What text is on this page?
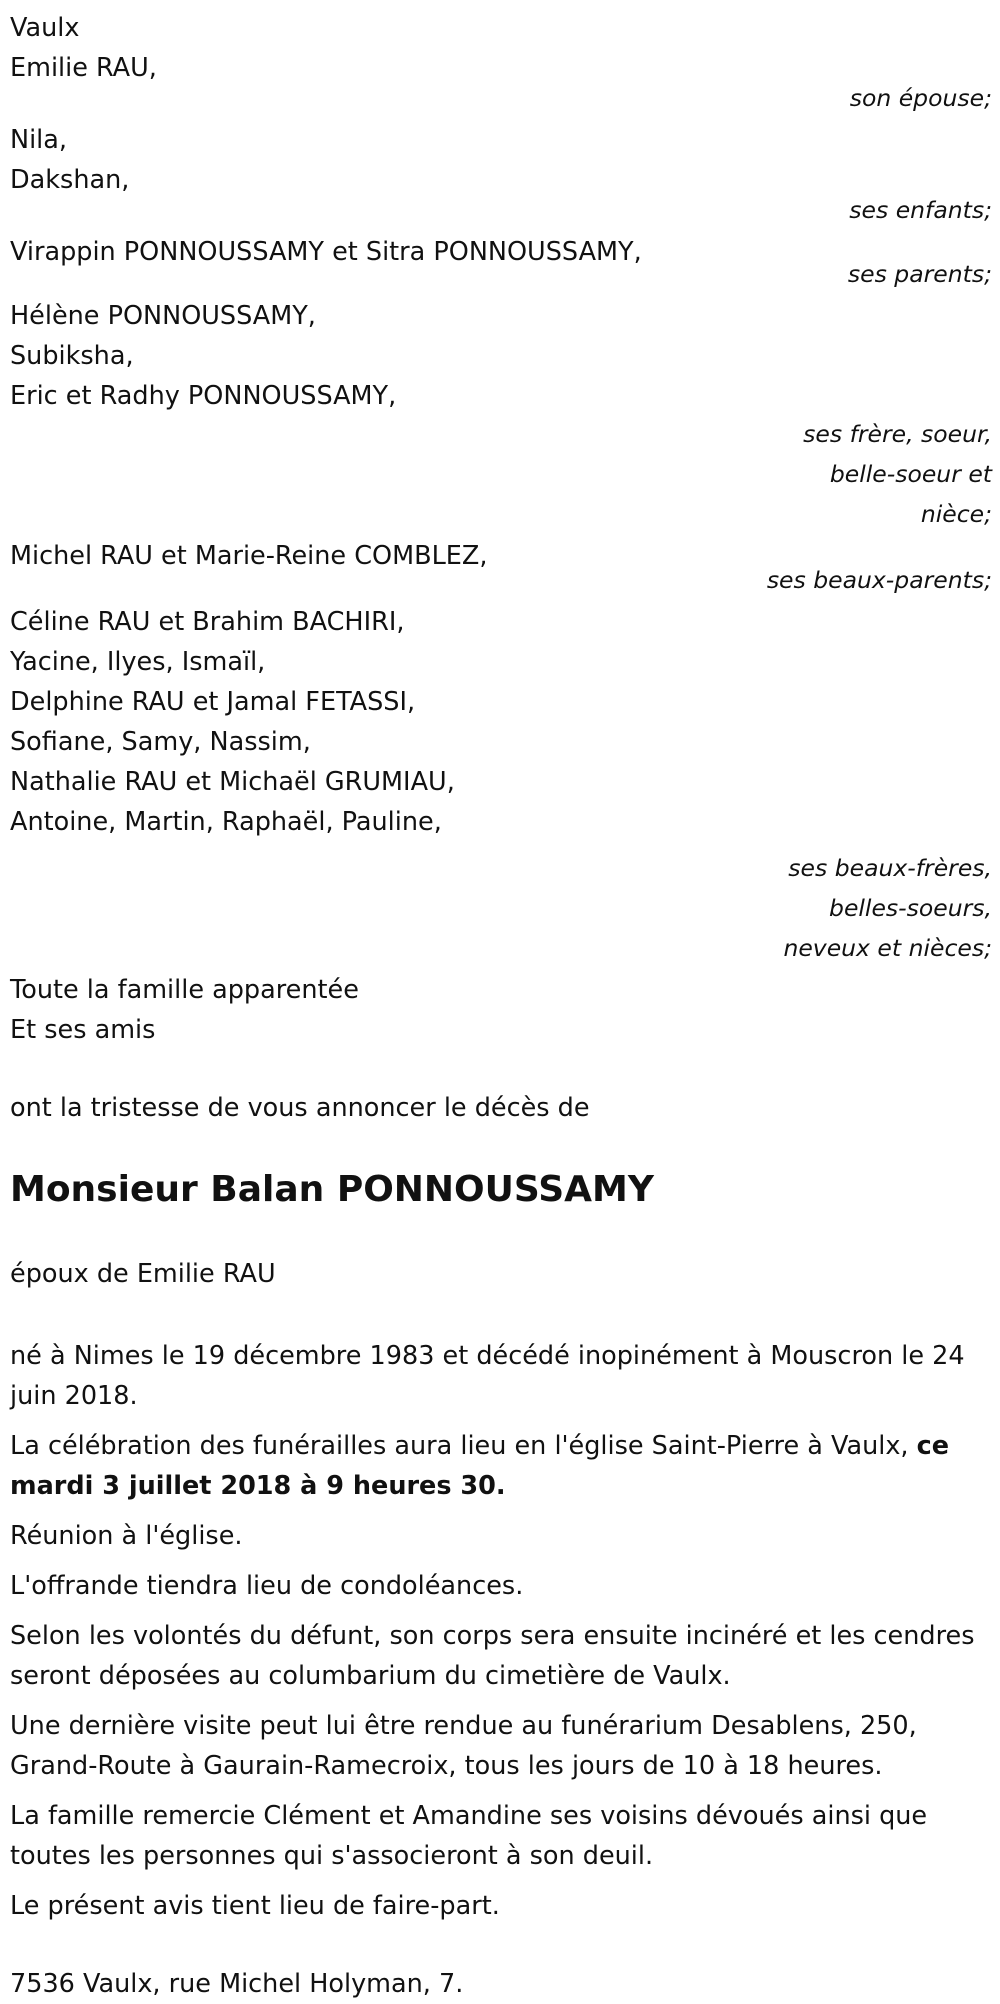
Vaulx
Emilie RAU,
son épouse;
Nila,
Dakshan,
ses enfants;
Virappin PONNOUSSAMY et Sitra PONNOUSSAMY,
ses parents;
Hélène PONNOUSSAMY,
Subiksha,
Eric et Radhy PONNOUSSAMY,
ses frère, soeur,
belle-soeur et
nièce;
Michel RAU et Marie-Reine COMBLEZ,
ses beaux-parents;
Céline RAU et Brahim BACHIRI,
Yacine, Ilyes, Ismaïl,
Delphine RAU et Jamal FETASSI,
Sofiane, Samy, Nassim,
Nathalie RAU et Michaël GRUMIAU,
Antoine, Martin, Raphaël, Pauline,
ses beaux-frères,
belles-soeurs,
neveux et nièces;
Toute la famille apparentée
Et ses amis
ont la tristesse de vous annoncer le décès de
Monsieur Balan PONNOUSSAMY
époux de Emilie RAU
né à Nimes le 19 décembre 1983 et décédé inopinément à Mouscron le 24 juin 2018.
La célébration des funérailles aura lieu en l'église Saint-Pierre à Vaulx, ce mardi 3 juillet 2018 à 9 heures 30.
Réunion à l'église.
L'offrande tiendra lieu de condoléances.
Selon les volontés du défunt, son corps sera ensuite incinéré et les cendres seront déposées au columbarium du cimetière de Vaulx.
Une dernière visite peut lui être rendue au funérarium Desablens, 250, Grand-Route à Gaurain-Ramecroix, tous les jours de 10 à 18 heures.
La famille remercie Clément et Amandine ses voisins dévoués ainsi que toutes les personnes qui s'associeront à son deuil.
Le présent avis tient lieu de faire-part.
7536 Vaulx, rue Michel Holyman, 7.
